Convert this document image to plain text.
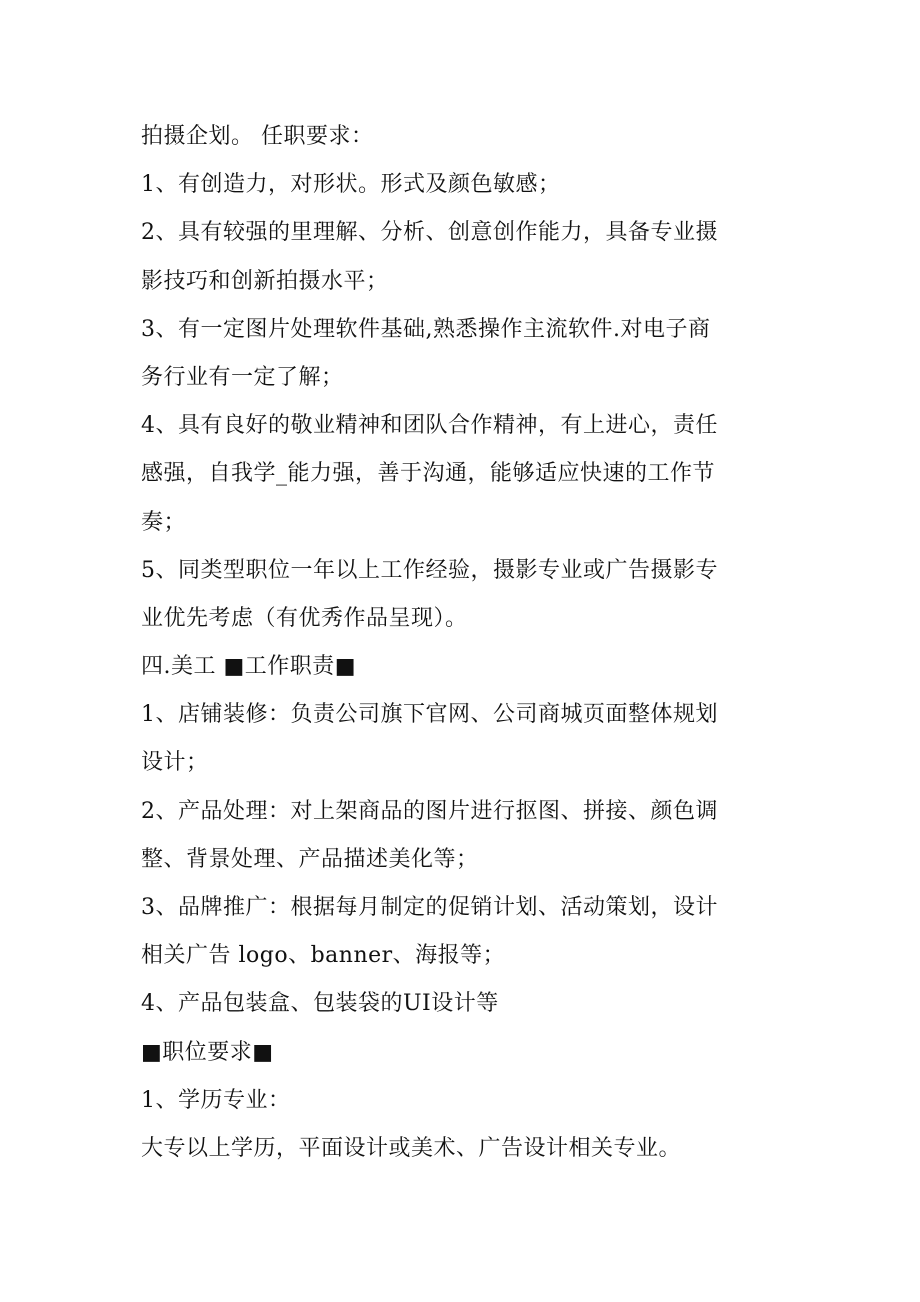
拍摄企划。 任职要求：
1、有创造力，对形状。形式及颜色敏感；
2、具有较强的里理解、分析、创意创作能力，具备专业摄
影技巧和创新拍摄水平；
3、有一定图片处理软件基础,熟悉操作主流软件.对电子商
务行业有一定了解；
4、具有良好的敬业精神和团队合作精神，有上进心，责任
感强，自我学_能力强，善于沟通，能够适应快速的工作节
奏；
5、同类型职位一年以上工作经验，摄影专业或广告摄影专
业优先考虑（有优秀作品呈现）。
四.美工 ■工作职责■
1、店铺装修：负责公司旗下官网、公司商城页面整体规划
设计；
2、产品处理：对上架商品的图片进行抠图、拼接、颜色调
整、背景处理、产品描述美化等；
3、品牌推广：根据每月制定的促销计划、活动策划，设计
相关广告 logo、banner、海报等；
4、产品包装盒、包装袋的UI设计等
■职位要求■
1、学历专业：
大专以上学历，平面设计或美术、广告设计相关专业。
